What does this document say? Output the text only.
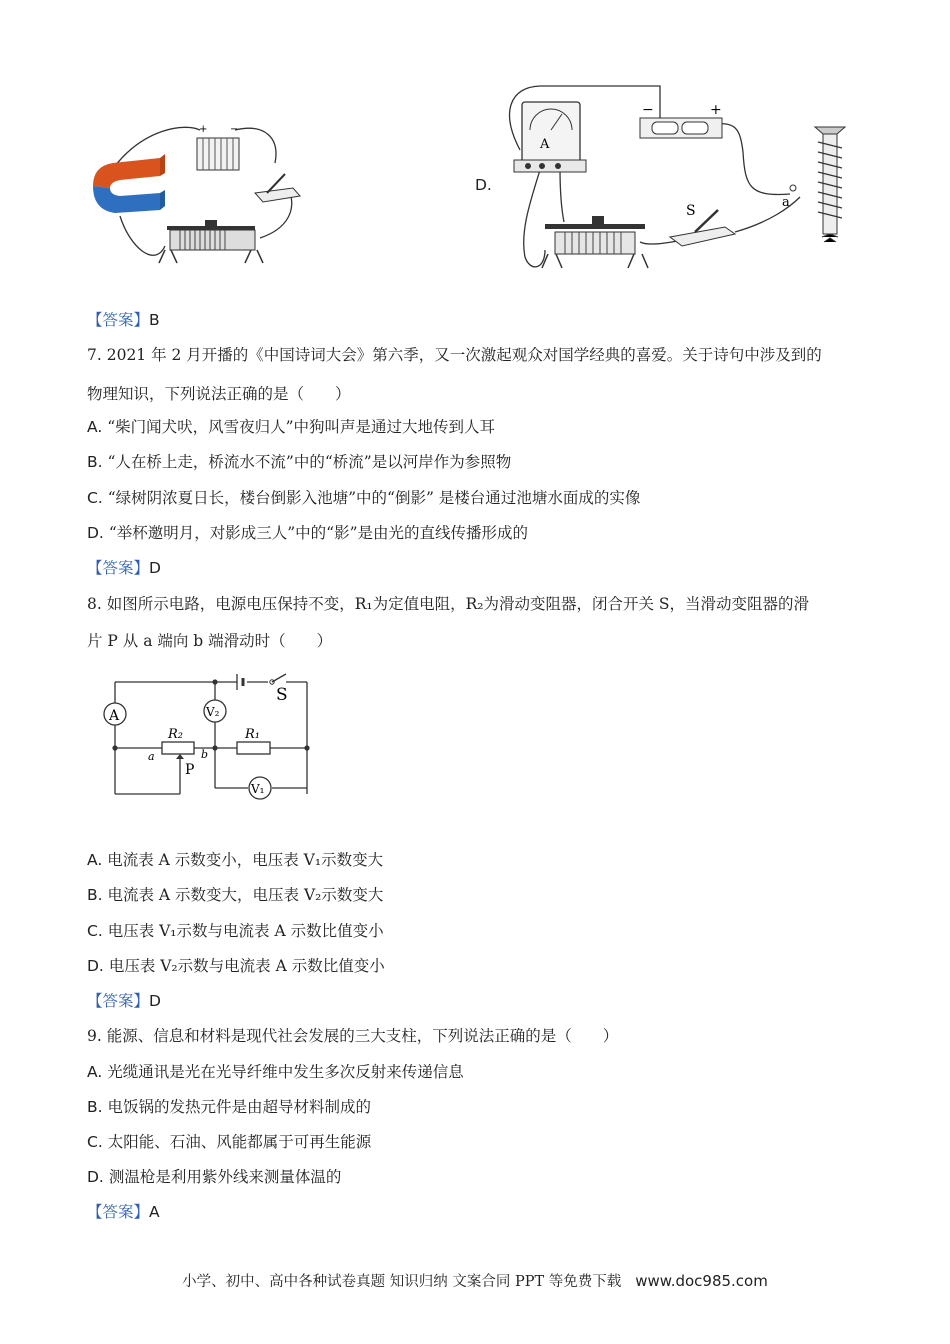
+ −
D.
A
−	+
a
S
【答案】B
7. 2021 年 2 月开播的《中国诗词大会》第六季，又一次激起观众对国学经典的喜爱。关于诗句中涉及到的
物理知识，下列说法正确的是（　　）
A. “柴门闻犬吠，风雪夜归人”中狗叫声是通过大地传到人耳
B. “人在桥上走，桥流水不流”中的“桥流”是以河岸作为参照物
C. “绿树阴浓夏日长，楼台倒影入池塘”中的“倒影” 是楼台通过池塘水面成的实像
D. “举杯邀明月，对影成三人”中的“影”是由光的直线传播形成的
【答案】D
8. 如图所示电路，电源电压保持不变，R₁为定值电阻，R₂为滑动变阻器，闭合开关 S，当滑动变阻器的滑
片 P 从 a 端向 b 端滑动时（　　）
S
A	V₂
R₂
P
a	b
R₁
V₁
A. 电流表 A 示数变小，电压表 V₁示数变大
B. 电流表 A 示数变大，电压表 V₂示数变大
C. 电压表 V₁示数与电流表 A 示数比值变小
D. 电压表 V₂示数与电流表 A 示数比值变小
【答案】D
9. 能源、信息和材料是现代社会发展的三大支柱，下列说法正确的是（　　）
A. 光缆通讯是光在光导纤维中发生多次反射来传递信息
B. 电饭锅的发热元件是由超导材料制成的
C. 太阳能、石油、风能都属于可再生能源
D. 测温枪是利用紫外线来测量体温的
【答案】A
小学、初中、高中各种试卷真题 知识归纳 文案合同 PPT 等免费下载 www.doc985.com
